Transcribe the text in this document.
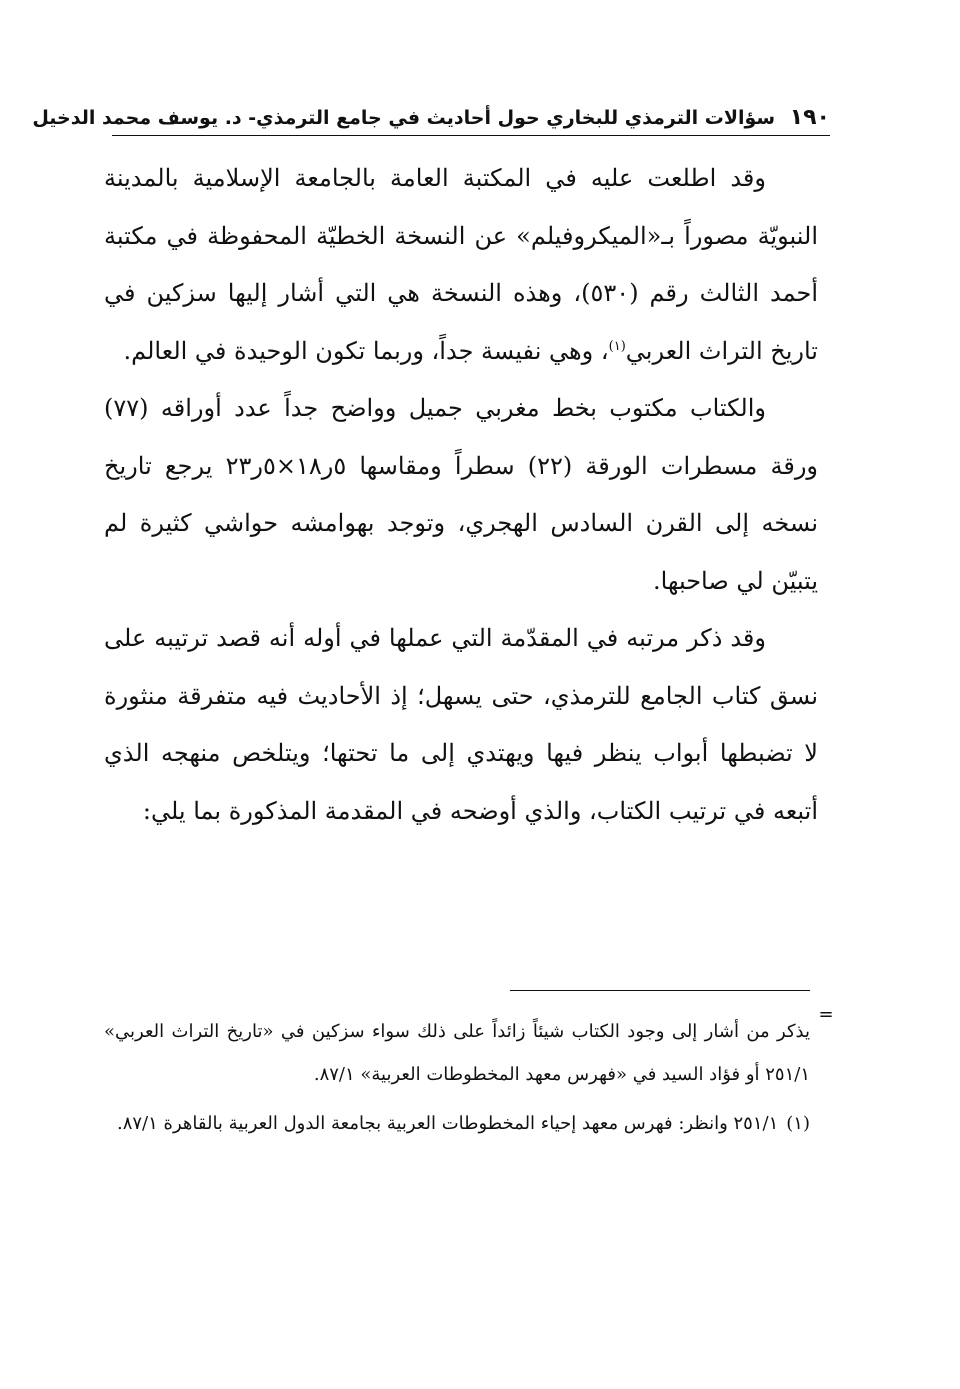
١٩٠ سؤالات الترمذي للبخاري حول أحاديث في جامع الترمذي- د. يوسف محمد الدخيل

وقد اطلعت عليه في المكتبة العامة بالجامعة الإسلامية بالمدينة النبويّة مصوراً بـ«الميكروفيلم» عن النسخة الخطيّة المحفوظة في مكتبة أحمد الثالث رقم (٥٣٠)، وهذه النسخة هي التي أشار إليها سزكين في تاريخ التراث العربي$^{(١)}$، وهي نفيسة جداً، وربما تكون الوحيدة في العالم.

والكتاب مكتوب بخط مغربي جميل وواضح جداً عدد أوراقه (٧٧) ورقة مسطرات الورقة (٢٢) سطراً ومقاسها ٥ر١٨×٥ر٢٣ يرجع تاريخ نسخه إلى القرن السادس الهجري، وتوجد بهوامشه حواشي كثيرة لم يتبيّن لي صاحبها.

وقد ذكر مرتبه في المقدّمة التي عملها في أوله أنه قصد ترتيبه على نسق كتاب الجامع للترمذي، حتى يسهل؛ إذ الأحاديث فيه متفرقة منثورة لا تضبطها أبواب ينظر فيها ويهتدي إلى ما تحتها؛ ويتلخص منهجه الذي أتبعه في ترتيب الكتاب، والذي أوضحه في المقدمة المذكورة بما يلي:

=

يذكر من أشار إلى وجود الكتاب شيئاً زائداً على ذلك سواء سزكين في «تاريخ التراث العربي» ٢٥١/١ أو فؤاد السيد في «فهرس معهد المخطوطات العربية» ٨٧/١.

(١)٢٥١/١ وانظر: فهرس معهد إحياء المخطوطات العربية بجامعة الدول العربية بالقاهرة ٨٧/١.
